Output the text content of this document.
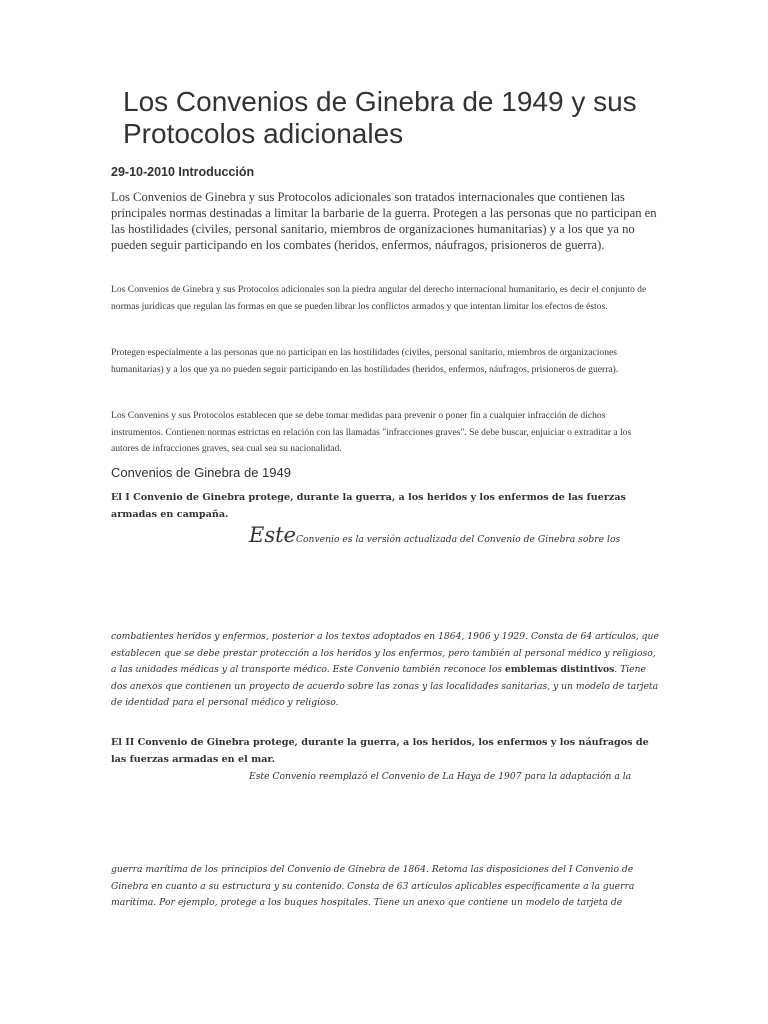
Los Convenios de Ginebra de 1949 y sus Protocolos adicionales
29-10-2010 Introducción

Los Convenios de Ginebra y sus Protocolos adicionales son tratados internacionales que contienen las principales normas destinadas a limitar la barbarie de la guerra. Protegen a las personas que no participan en las hostilidades (civiles, personal sanitario, miembros de organizaciones humanitarias) y a los que ya no pueden seguir participando en los combates (heridos, enfermos, náufragos, prisioneros de guerra).

Los Convenios de Ginebra y sus Protocolos adicionales son la piedra angular del derecho internacional humanitario, es decir el conjunto de normas jurídicas que regulan las formas en que se pueden librar los conflictos armados y que intentan limitar los efectos de éstos.

Protegen especialmente a las personas que no participan en las hostilidades (civiles, personal sanitario, miembros de organizaciones humanitarias) y a los que ya no pueden seguir participando en las hostilidades (heridos, enfermos, náufragos, prisioneros de guerra).

Los Convenios y sus Protocolos establecen que se debe tomar medidas para prevenir o poner fin a cualquier infracción de dichos instrumentos. Contienen normas estrictas en relación con las llamadas "infracciones graves". Se debe buscar, enjuiciar o extraditar a los autores de infracciones graves, sea cual sea su nacionalidad.

Convenios de Ginebra de 1949

El I Convenio de Ginebra protege, durante la guerra, a los heridos y los enfermos de las fuerzas armadas en campaña.

EsteConvenio es la versión actualizada del Convenio de Ginebra sobre los

combatientes heridos y enfermos, posterior a los textos adoptados en 1864, 1906 y 1929. Consta de 64 artículos, que establecen que se debe prestar protección a los heridos y los enfermos, pero también al personal médico y religioso, a las unidades médicas y al transporte médico. Este Convenio también reconoce los emblemas distintivos. Tiene dos anexos que contienen un proyecto de acuerdo sobre las zonas y las localidades sanitarias, y un modelo de tarjeta de identidad para el personal médico y religioso.

El II Convenio de Ginebra protege, durante la guerra, a los heridos, los enfermos y los náufragos de las fuerzas armadas en el mar.

Este Convenio reemplazó el Convenio de La Haya de 1907 para la adaptación a la

guerra marítima de los principios del Convenio de Ginebra de 1864. Retoma las disposiciones del I Convenio de Ginebra en cuanto a su estructura y su contenido. Consta de 63 artículos aplicables específicamente a la guerra marítima. Por ejemplo, protege a los buques hospitales. Tiene un anexo que contiene un modelo de tarjeta de
